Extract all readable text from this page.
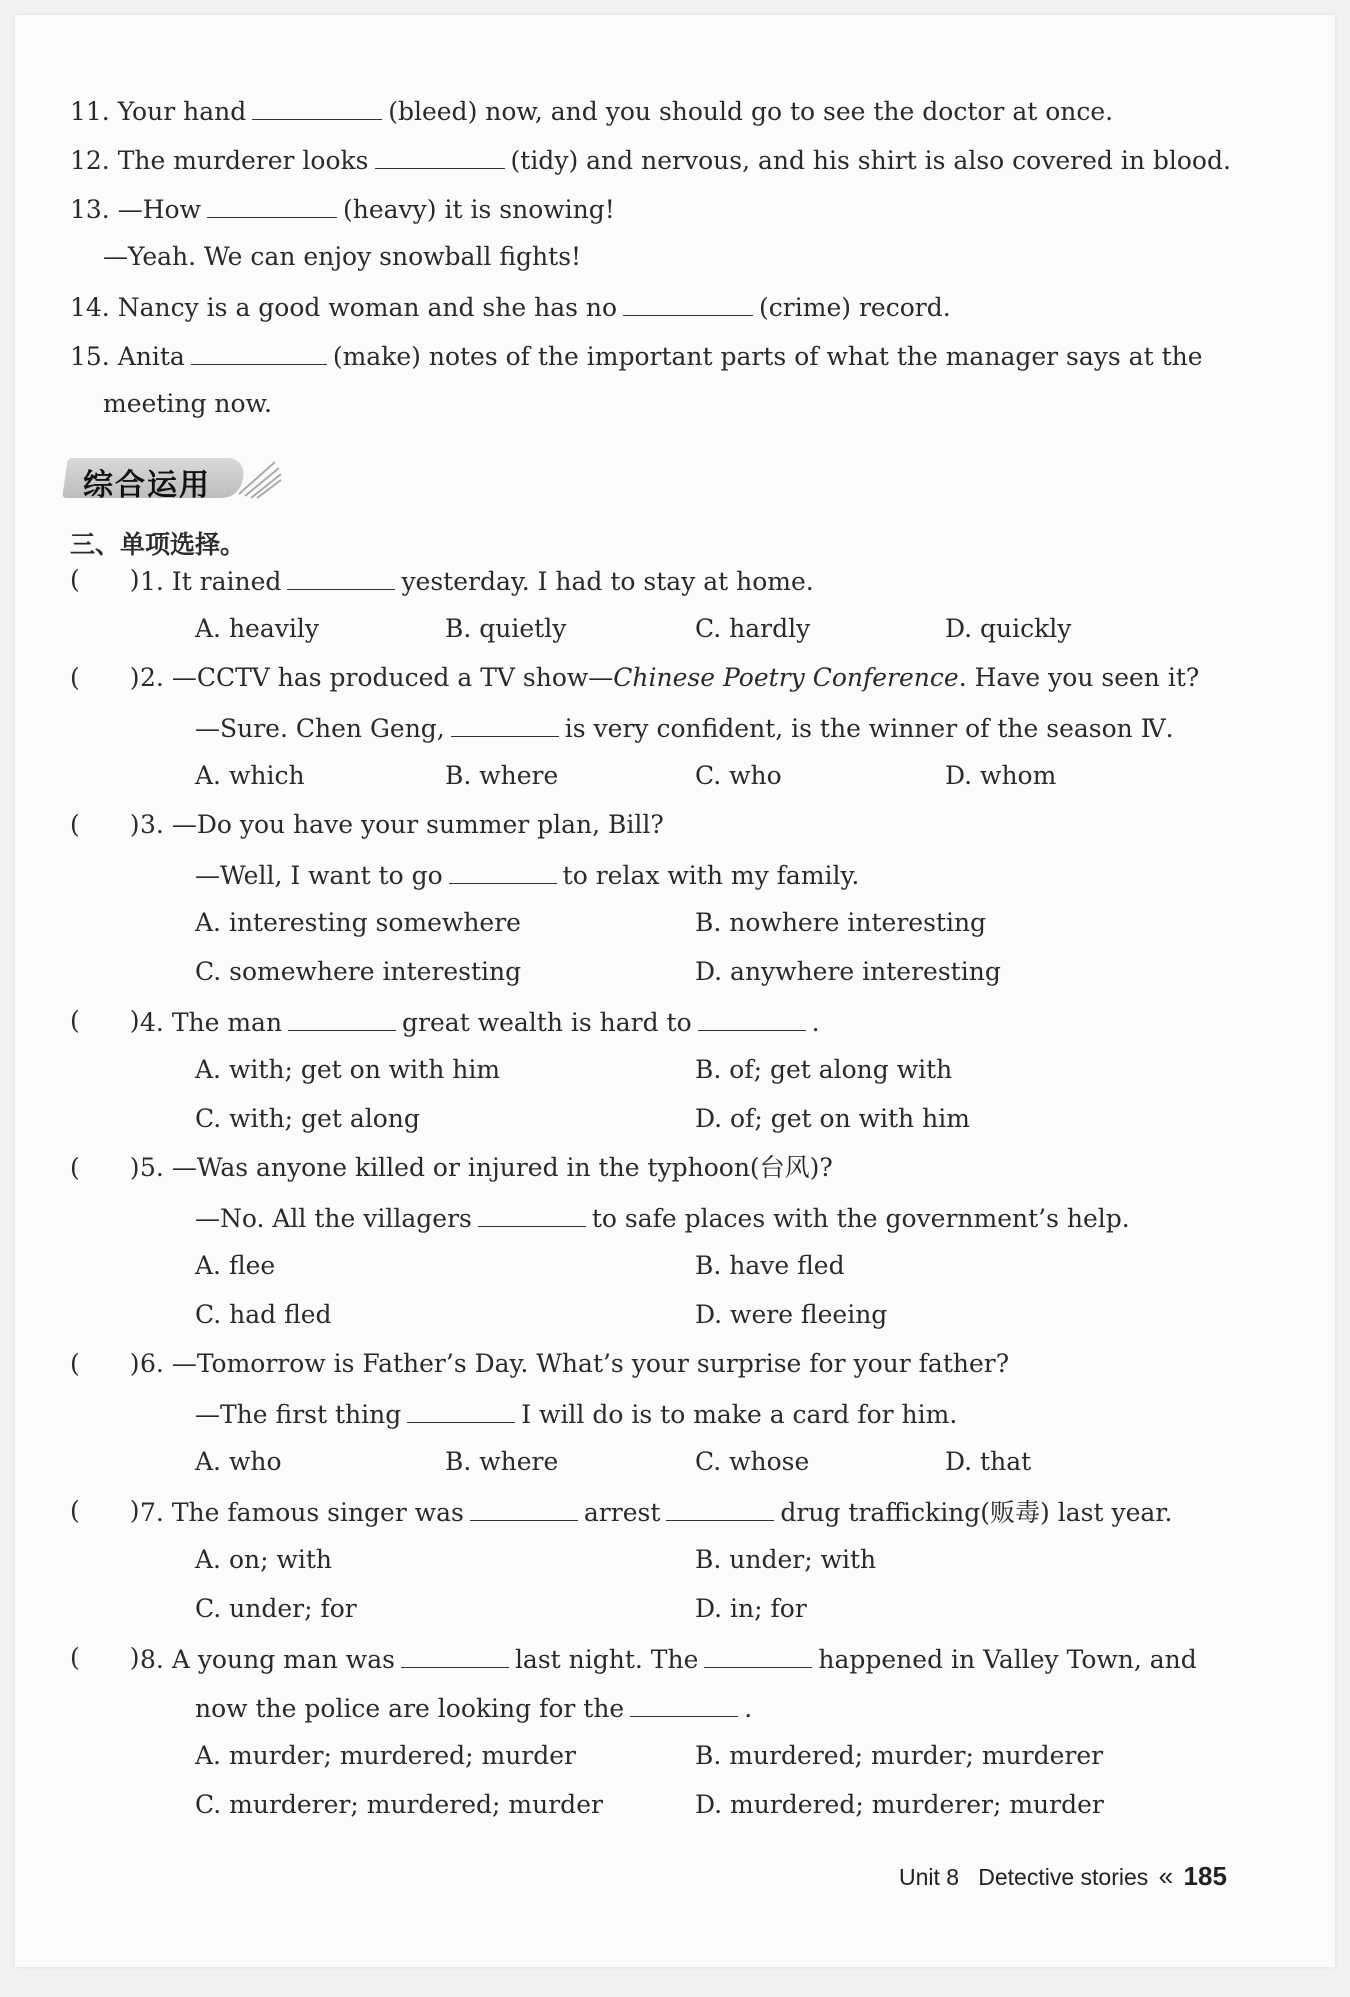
11. Your hand	(bleed) now, and you should go to see the doctor at once.
12. The murderer looks	(tidy) and nervous, and his shirt is also covered in blood.
13. —How	(heavy) it is snowing!
—Yeah. We can enjoy snowball fights!
14. Nancy is a good woman and she has no	(crime) record.
15. Anita	(make) notes of the important parts of what the manager says at the
meeting now.
综合运用
三、单项选择。
(　　) 1. It rained	yesterday. I had to stay at home.
A. heavily	B. quietly	C. hardly	D. quickly
(　　) 2. —CCTV has produced a TV show—Chinese Poetry Conference. Have you seen it?
—Sure. Chen Geng,	is very confident, is the winner of the season Ⅳ.
A. which	B. where	C. who	D. whom
(　　) 3. —Do you have your summer plan, Bill?
—Well, I want to go	to relax with my family.
A. interesting somewhere	B. nowhere interesting
C. somewhere interesting	D. anywhere interesting
(　　) 4. The man	great wealth is hard to	.
A. with; get on with him	B. of; get along with
C. with; get along	D. of; get on with him
(　　) 5. —Was anyone killed or injured in the typhoon(台风)?
—No. All the villagers	to safe places with the government’s help.
A. flee	B. have fled
C. had fled	D. were fleeing
(　　) 6. —Tomorrow is Father’s Day. What’s your surprise for your father?
—The first thing	I will do is to make a card for him.
A. who	B. where	C. whose	D. that
(　　) 7. The famous singer was	arrest	drug trafficking(贩毒) last year.
A. on; with	B. under; with
C. under; for	D. in; for
(　　) 8. A young man was	last night. The	happened in Valley Town, and
now the police are looking for the	.
A. murder; murdered; murder	B. murdered; murder; murderer
C. murderer; murdered; murder	D. murdered; murderer; murder
Unit 8 Detective stories « 185
